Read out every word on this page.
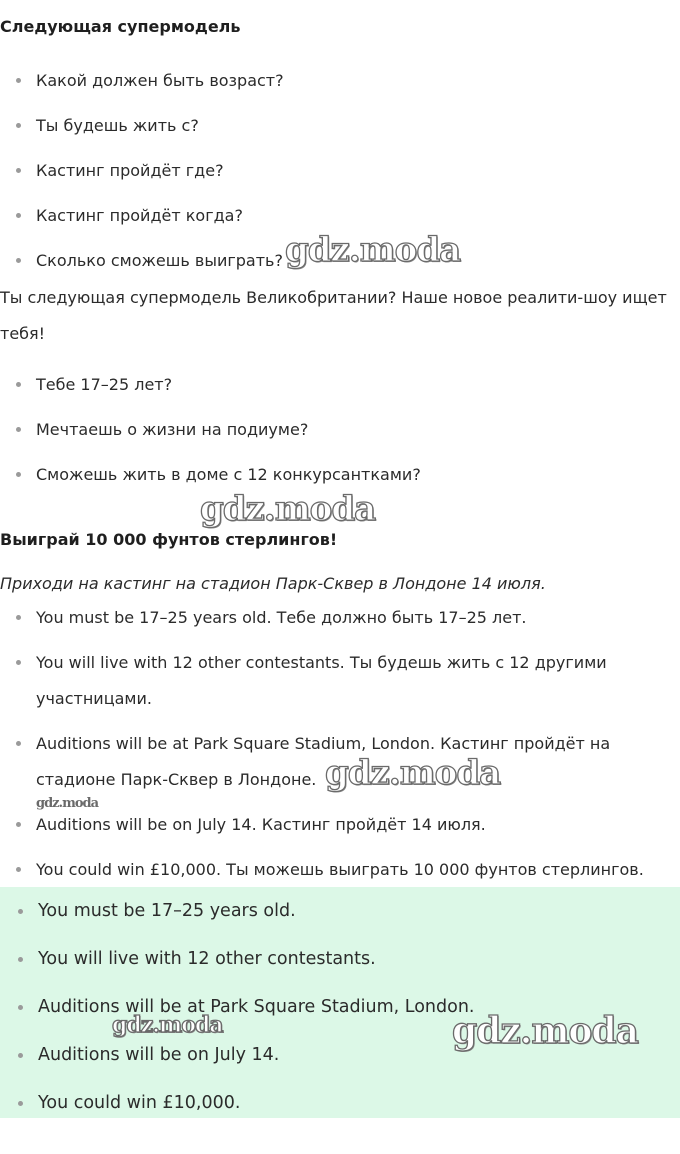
Следующая супермодель
Какой должен быть возраст?
Ты будешь жить с?
Кастинг пройдёт где?
Кастинг пройдёт когда?
Сколько сможешь выиграть?
Ты следующая супермодель Великобритании? Наше новое реалити-шоу ищет тебя!
Тебе 17–25 лет?
Мечтаешь о жизни на подиуме?
Сможешь жить в доме с 12 конкурсантками?
Выиграй 10 000 фунтов стерлингов!
Приходи на кастинг на стадион Парк-Сквер в Лондоне 14 июля.
You must be 17–25 years old. Тебе должно быть 17–25 лет.
You will live with 12 other contestants. Ты будешь жить с 12 другими участницами.
Auditions will be at Park Square Stadium, London. Кастинг пройдёт на стадионе Парк-Сквер в Лондоне.
Auditions will be on July 14. Кастинг пройдёт 14 июля.
You could win £10,000. Ты можешь выиграть 10 000 фунтов стерлингов.
You must be 17–25 years old.
You will live with 12 other contestants.
Auditions will be at Park Square Stadium, London.
Auditions will be on July 14.
You could win £10,000.
gdz.moda
gdz.moda
gdz.moda
gdz.moda
gdz.moda	gdz.moda
